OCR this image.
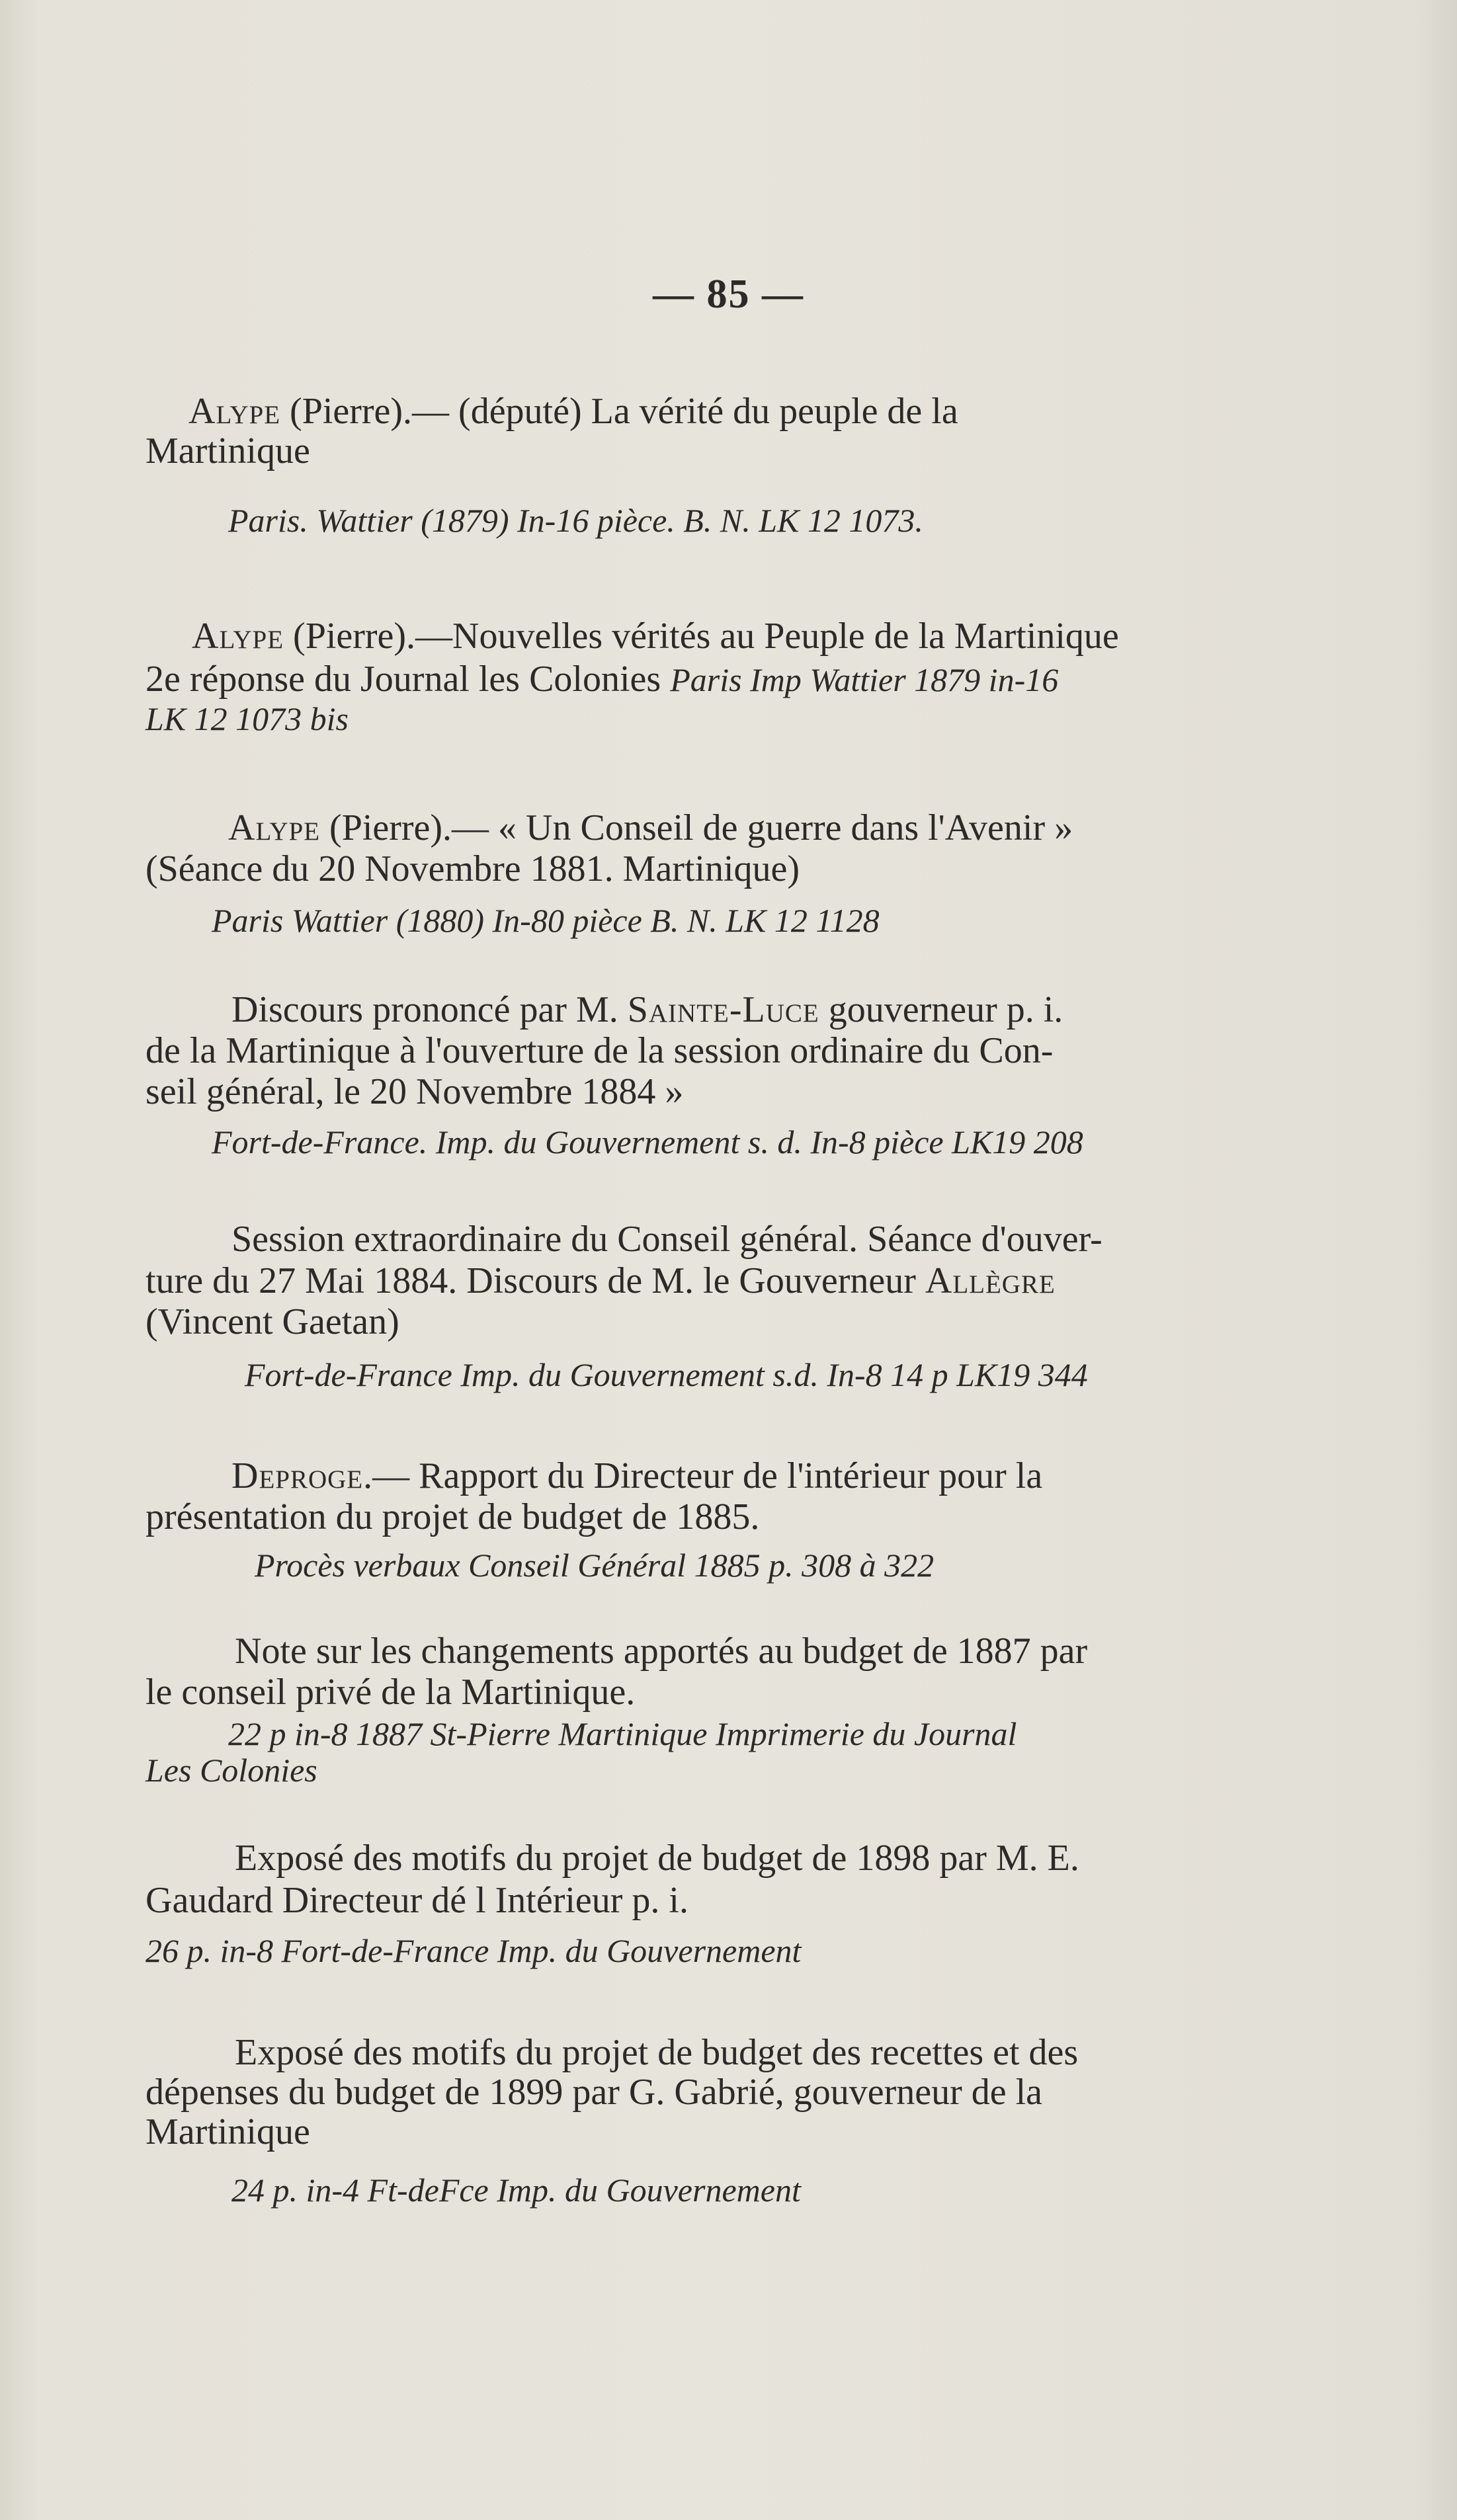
— 85 —
Alype (Pierre).— (député) La vérité du peuple de la
Martinique
Paris. Wattier (1879) In-16 pièce. B. N. LK 12 1073.
Alype (Pierre).—Nouvelles vérités au Peuple de la Martinique
2e réponse du Journal les Colonies Paris Imp Wattier 1879 in-16
LK 12 1073 bis
Alype (Pierre).— « Un Conseil de guerre dans l'Avenir »
(Séance du 20 Novembre 1881. Martinique)
Paris Wattier (1880) In-80 pièce B. N. LK 12 1128
Discours prononcé par M. Sainte-Luce gouverneur p. i.
de la Martinique à l'ouverture de la session ordinaire du Con-
seil général, le 20 Novembre 1884 »
Fort-de-France. Imp. du Gouvernement s. d. In-8 pièce LK19 208
Session extraordinaire du Conseil général. Séance d'ouver-
ture du 27 Mai 1884. Discours de M. le Gouverneur Allègre
(Vincent Gaetan)
Fort-de-France Imp. du Gouvernement s.d. In-8 14 p LK19 344
Deproge.— Rapport du Directeur de l'intérieur pour la
présentation du projet de budget de 1885.
Procès verbaux Conseil Général 1885 p. 308 à 322
Note sur les changements apportés au budget de 1887 par
le conseil privé de la Martinique.
22 p in-8 1887 St-Pierre Martinique Imprimerie du Journal
Les Colonies
Exposé des motifs du projet de budget de 1898 par M. E.
Gaudard Directeur dé l Intérieur p. i.
26 p. in-8 Fort-de-France Imp. du Gouvernement
Exposé des motifs du projet de budget des recettes et des
dépenses du budget de 1899 par G. Gabrié, gouverneur de la
Martinique
24 p. in-4 Ft-deFce Imp. du Gouvernement
